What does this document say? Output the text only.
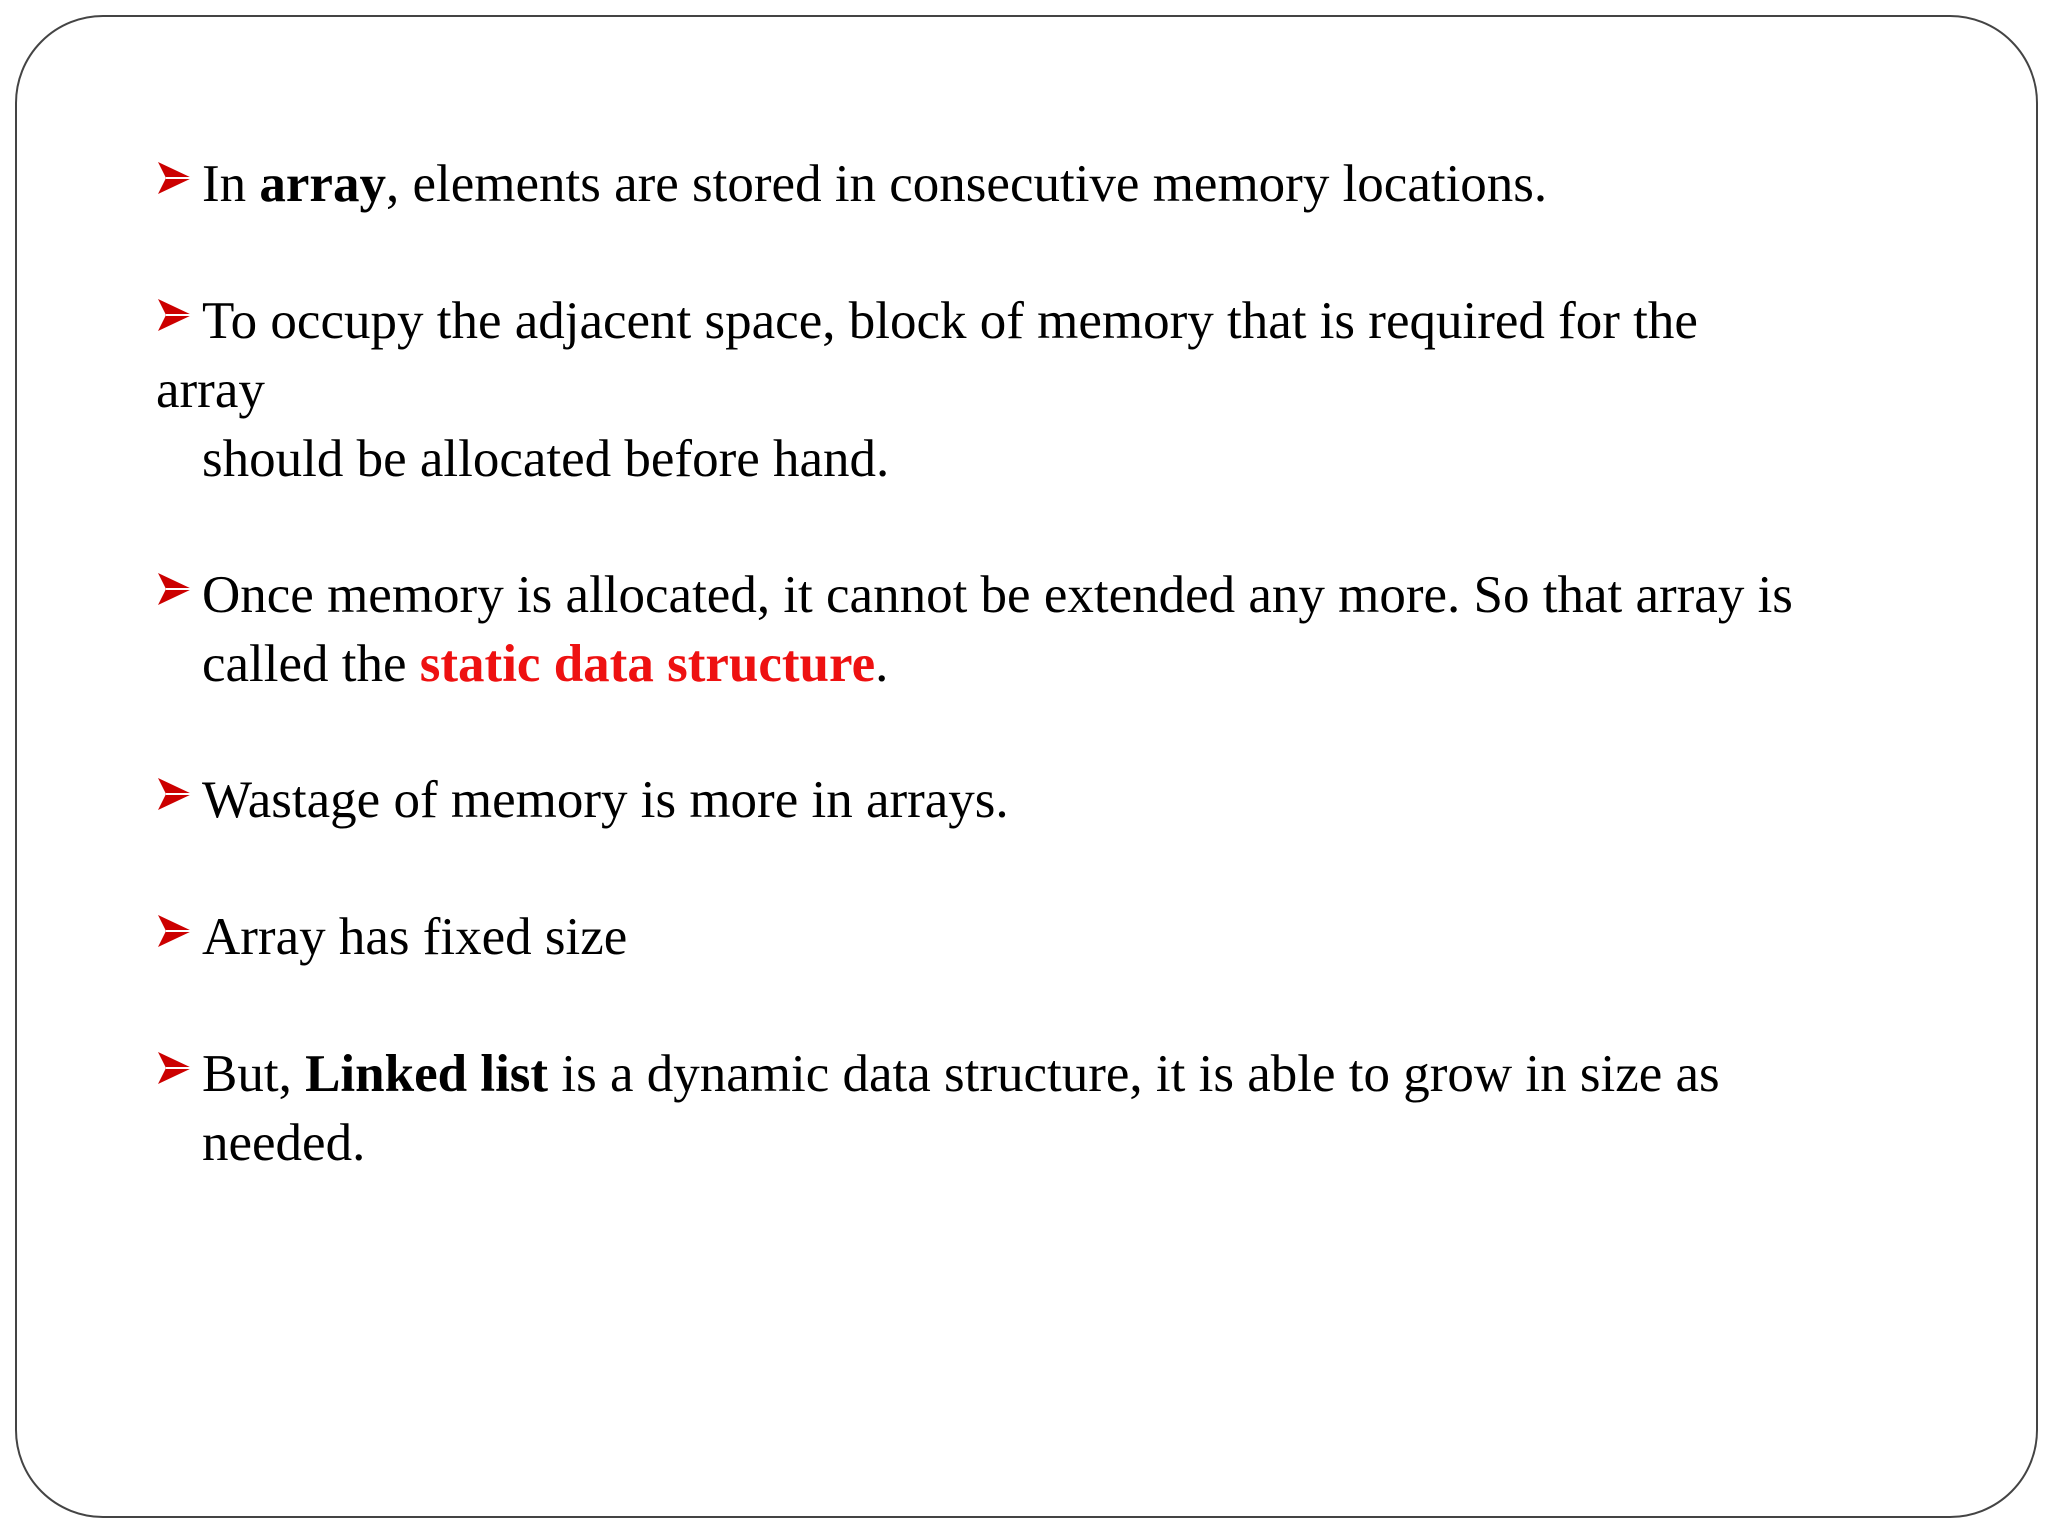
In array, elements are stored in consecutive memory locations.
To occupy the adjacent space, block of memory that is required for the
array
should be allocated before hand.
Once memory is allocated, it cannot be extended any more. So that array is
called the static data structure.
Wastage of memory is more in arrays.
Array has fixed size
But, Linked list is a dynamic data structure, it is able to grow in size as
needed.
